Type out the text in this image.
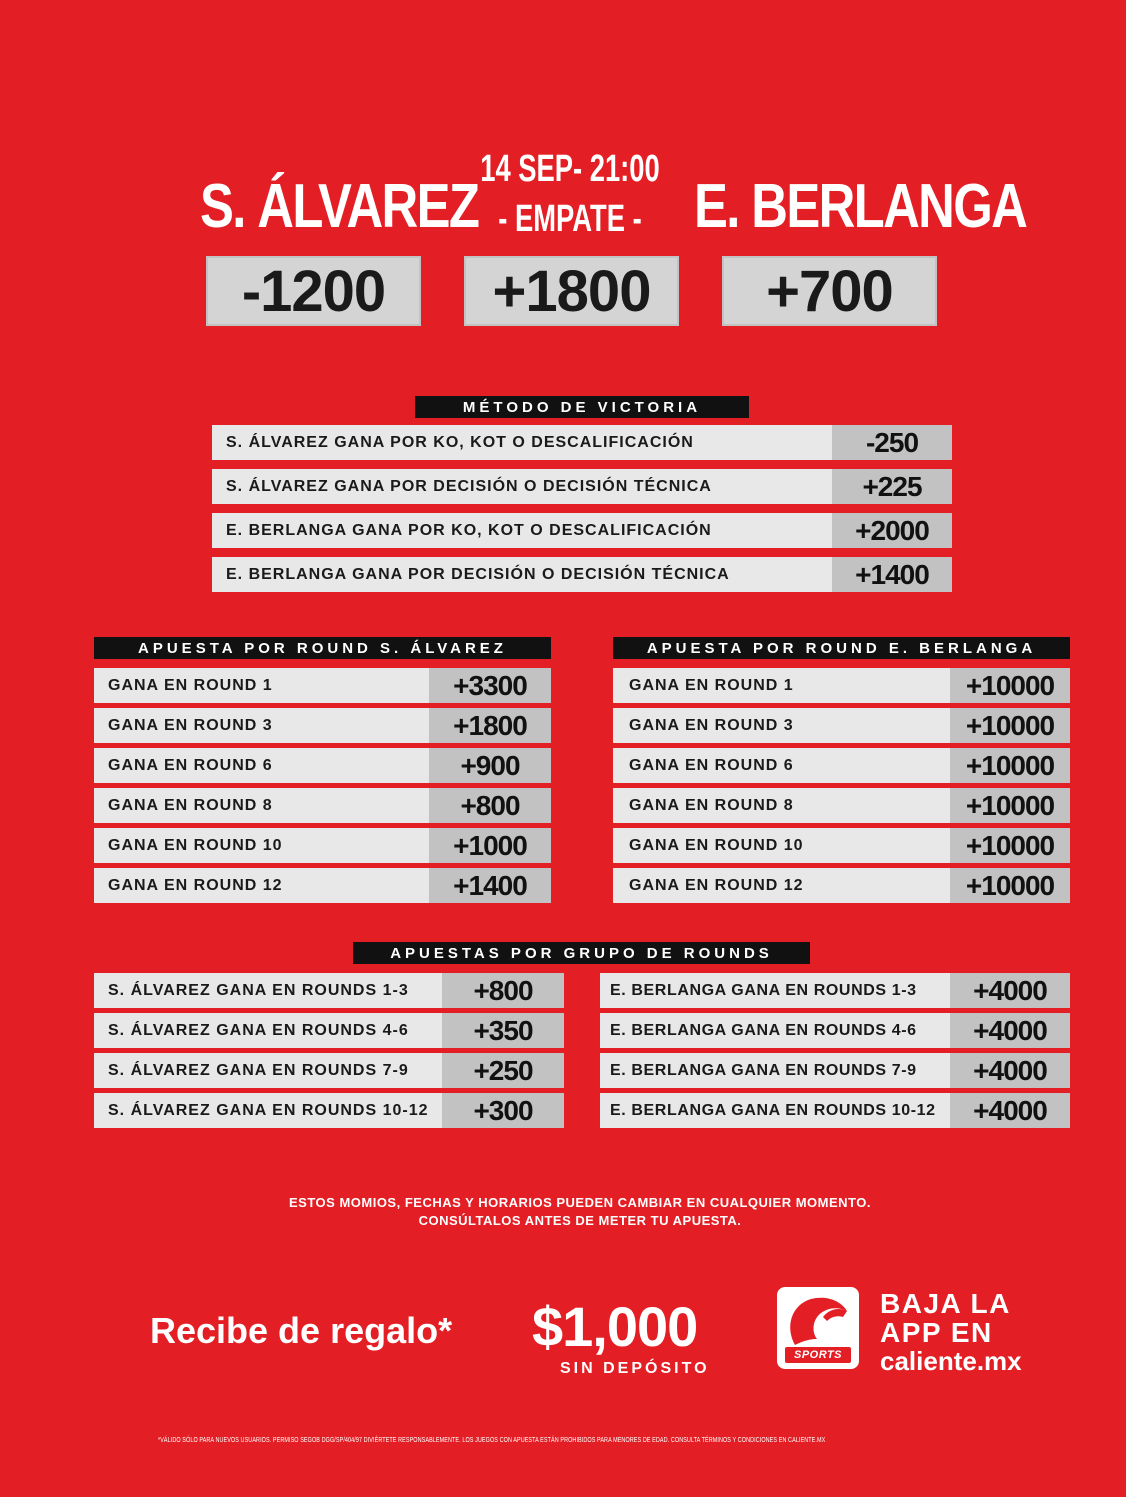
14 SEP- 21:00
S. ÁLVAREZ - EMPATE - E. BERLANGA
-1200	+1800	+700
MÉTODO DE VICTORIA
S. ÁLVAREZ GANA POR KO, KOT O DESCALIFICACIÓN	-250
S. ÁLVAREZ GANA POR DECISIÓN O DECISIÓN TÉCNICA	+225
E. BERLANGA GANA POR KO, KOT O DESCALIFICACIÓN	+2000
E. BERLANGA GANA POR DECISIÓN O DECISIÓN TÉCNICA	+1400
APUESTA POR ROUND S. ÁLVAREZ
GANA EN ROUND 1	+3300
GANA EN ROUND 3	+1800
GANA EN ROUND 6	+900
GANA EN ROUND 8	+800
GANA EN ROUND 10	+1000
GANA EN ROUND 12	+1400
APUESTA POR ROUND E. BERLANGA
GANA EN ROUND 1	+10000
GANA EN ROUND 3	+10000
GANA EN ROUND 6	+10000
GANA EN ROUND 8	+10000
GANA EN ROUND 10	+10000
GANA EN ROUND 12	+10000
APUESTAS POR GRUPO DE ROUNDS
S. ÁLVAREZ GANA EN ROUNDS 1-3	+800
S. ÁLVAREZ GANA EN ROUNDS 4-6	+350
S. ÁLVAREZ GANA EN ROUNDS 7-9	+250
S. ÁLVAREZ GANA EN ROUNDS 10-12	+300
E. BERLANGA GANA EN ROUNDS 1-3	+4000
E. BERLANGA GANA EN ROUNDS 4-6	+4000
E. BERLANGA GANA EN ROUNDS 7-9	+4000
E. BERLANGA GANA EN ROUNDS 10-12	+4000
ESTOS MOMIOS, FECHAS Y HORARIOS PUEDEN CAMBIAR EN CUALQUIER MOMENTO.
CONSÚLTALOS ANTES DE METER TU APUESTA.
Recibe de regalo* $1,000
SIN DEPÓSITO
SPORTS
BAJA LA
APP EN
caliente.mx
*VÁLIDO SÓLO PARA NUEVOS USUARIOS. PERMISO SEGOB DGG/SP/404/97 DIVIÉRTETE RESPONSABLEMENTE. LOS JUEGOS CON APUESTA ESTÁN PROHIBIDOS PARA MENORES DE EDAD. CONSULTA TÉRMINOS Y CONDICIONES EN CALIENTE.MX
